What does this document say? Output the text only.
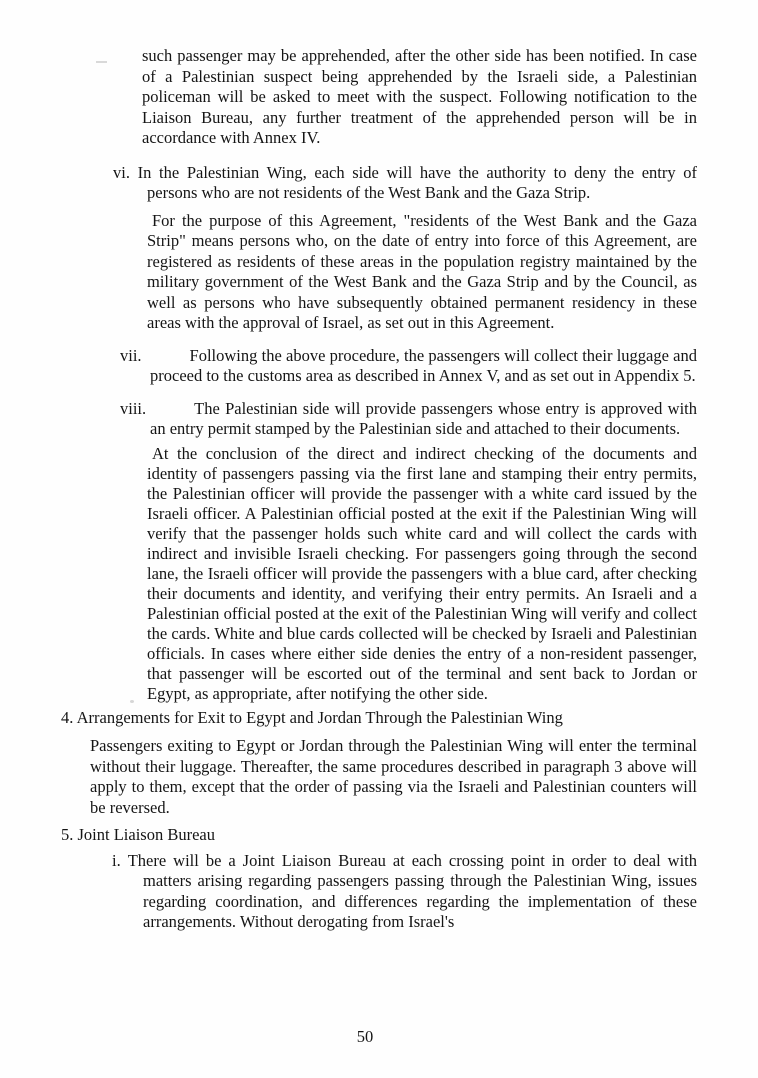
such passenger may be apprehended, after the other side has been notified. In case of a Palestinian suspect being apprehended by the Israeli side, a Palestinian policeman will be asked to meet with the suspect. Following notification to the Liaison Bureau, any further treatment of the apprehended person will be in accordance with Annex IV.

vi. In the Palestinian Wing, each side will have the authority to deny the entry of persons who are not residents of the West Bank and the Gaza Strip.

For the purpose of this Agreement, "residents of the West Bank and the Gaza Strip" means persons who, on the date of entry into force of this Agreement, are registered as residents of these areas in the population registry maintained by the military government of the West Bank and the Gaza Strip and by the Council, as well as persons who have subsequently obtained permanent residency in these areas with the approval of Israel, as set out in this Agreement.

vii.	Following the above procedure, the passengers will collect their luggage and proceed to the customs area as described in Annex V, and as set out in Appendix 5.

viii.	The Palestinian side will provide passengers whose entry is approved with an entry permit stamped by the Palestinian side and attached to their documents.

At the conclusion of the direct and indirect checking of the documents and identity of passengers passing via the first lane and stamping their entry permits, the Palestinian officer will provide the passenger with a white card issued by the Israeli officer. A Palestinian official posted at the exit if the Palestinian Wing will verify that the passenger holds such white card and will collect the cards with indirect and invisible Israeli checking. For passengers going through the second lane, the Israeli officer will provide the passengers with a blue card, after checking their documents and identity, and verifying their entry permits. An Israeli and a Palestinian official posted at the exit of the Palestinian Wing will verify and collect the cards. White and blue cards collected will be checked by Israeli and Palestinian officials. In cases where either side denies the entry of a non-resident passenger, that passenger will be escorted out of the terminal and sent back to Jordan or Egypt, as appropriate, after notifying the other side.

4. Arrangements for Exit to Egypt and Jordan Through the Palestinian Wing

Passengers exiting to Egypt or Jordan through the Palestinian Wing will enter the terminal without their luggage. Thereafter, the same procedures described in paragraph 3 above will apply to them, except that the order of passing via the Israeli and Palestinian counters will be reversed.

5. Joint Liaison Bureau

i. There will be a Joint Liaison Bureau at each crossing point in order to deal with matters arising regarding passengers passing through the Palestinian Wing, issues regarding coordination, and differences regarding the implementation of these arrangements. Without derogating from Israel's

50
